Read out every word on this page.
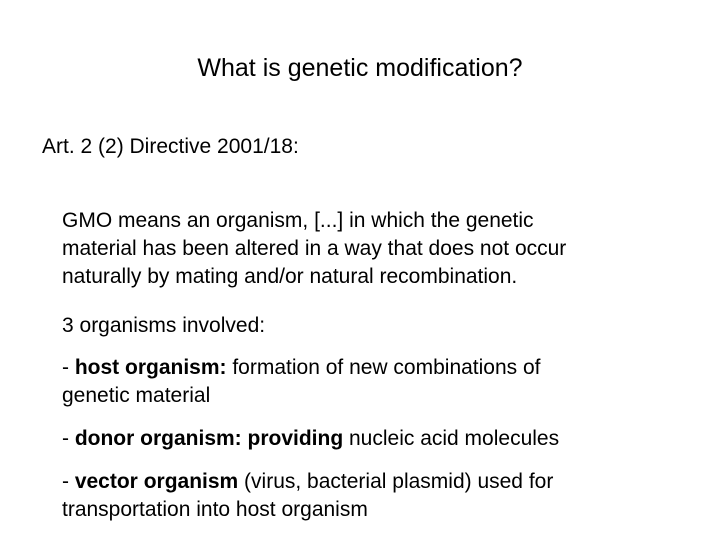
What is genetic modification?
Art. 2 (2) Directive 2001/18:
GMO means an organism, [...] in which the genetic
material has been altered in a way that does not occur
naturally by mating and/or natural recombination.
3 organisms involved:
- host organism: formation of new combinations of
genetic material
- donor organism: providing nucleic acid molecules
- vector organism (virus, bacterial plasmid) used for
transportation into host organism
